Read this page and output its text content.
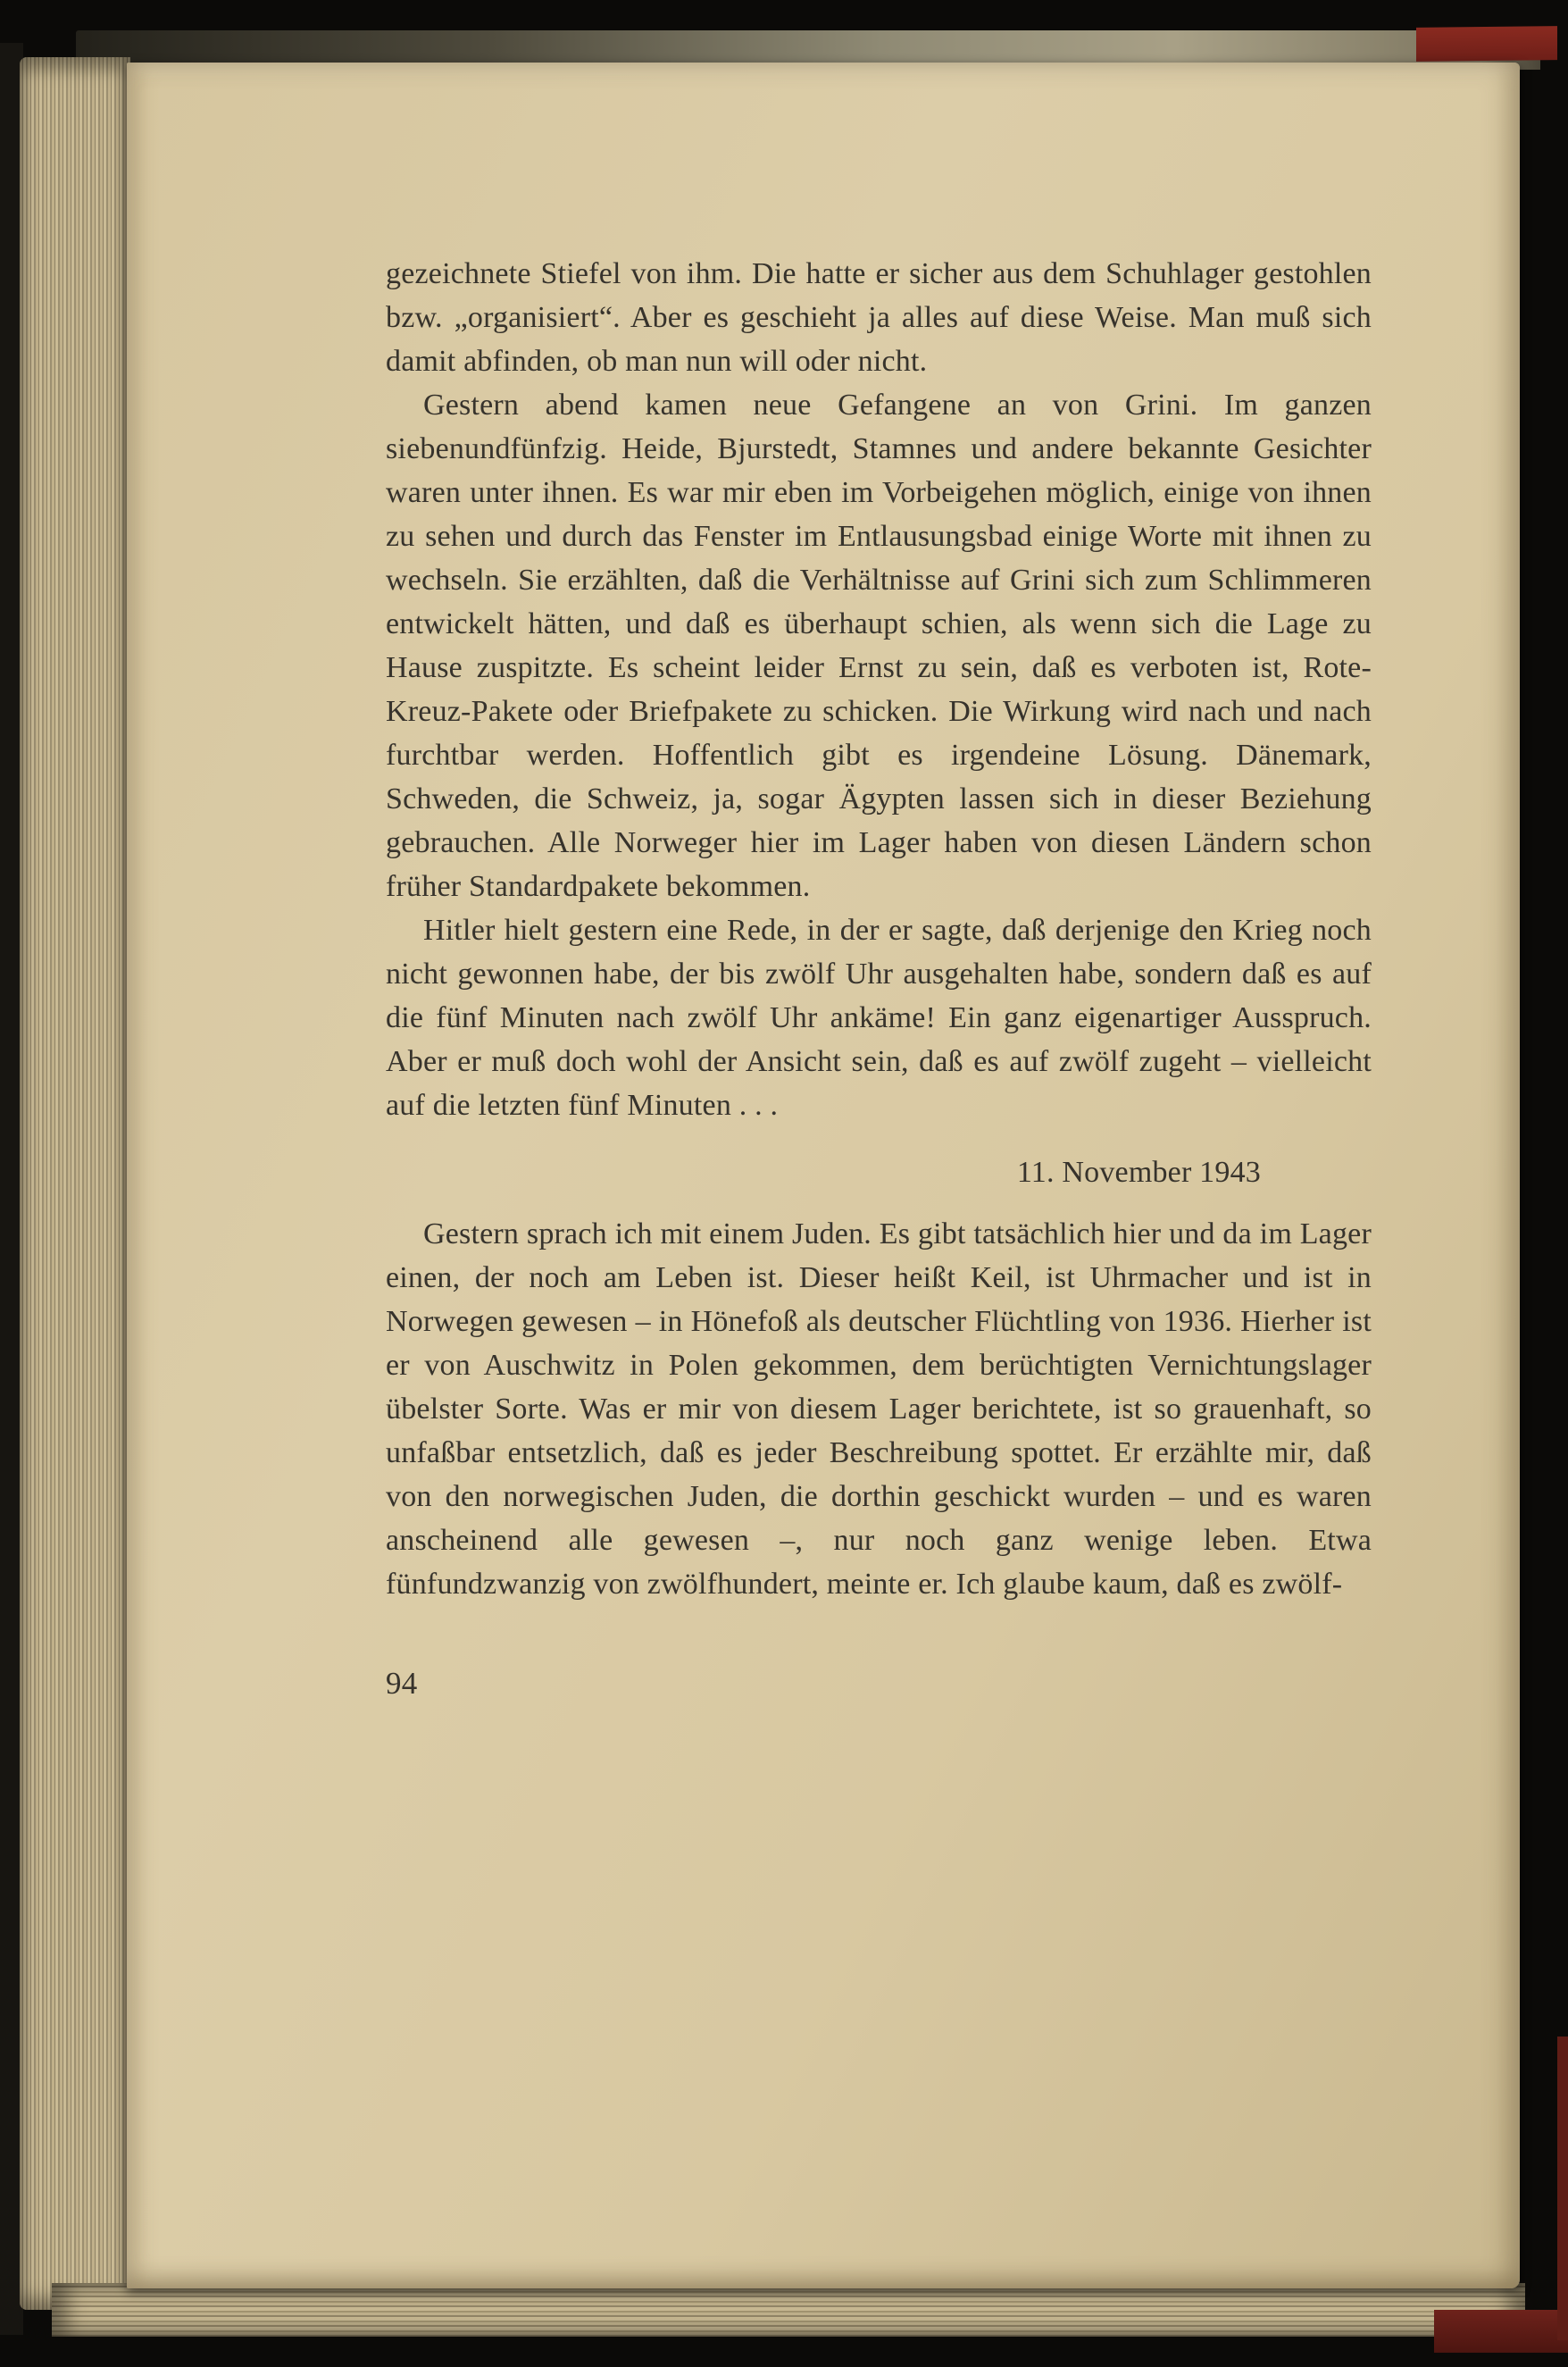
gezeichnete Stiefel von ihm. Die hatte er sicher aus dem Schuhlager gestohlen bzw. „organisiert“. Aber es geschieht ja alles auf diese Weise. Man muß sich damit abfinden, ob man nun will oder nicht.

Gestern abend kamen neue Gefangene an von Grini. Im ganzen siebenundfünfzig. Heide, Bjurstedt, Stamnes und andere bekannte Gesichter waren unter ihnen. Es war mir eben im Vorbeigehen möglich, einige von ihnen zu sehen und durch das Fenster im Entlausungsbad einige Worte mit ihnen zu wechseln. Sie erzählten, daß die Verhältnisse auf Grini sich zum Schlimmeren entwickelt hätten, und daß es überhaupt schien, als wenn sich die Lage zu Hause zuspitzte. Es scheint leider Ernst zu sein, daß es verboten ist, Rote-Kreuz-Pakete oder Briefpakete zu schicken. Die Wirkung wird nach und nach furchtbar werden. Hoffentlich gibt es irgendeine Lösung. Dänemark, Schweden, die Schweiz, ja, sogar Ägypten lassen sich in dieser Beziehung gebrauchen. Alle Norweger hier im Lager haben von diesen Ländern schon früher Standardpakete bekommen.

Hitler hielt gestern eine Rede, in der er sagte, daß derjenige den Krieg noch nicht gewonnen habe, der bis zwölf Uhr ausgehalten habe, sondern daß es auf die fünf Minuten nach zwölf Uhr ankäme! Ein ganz eigenartiger Ausspruch. Aber er muß doch wohl der Ansicht sein, daß es auf zwölf zugeht – vielleicht auf die letzten fünf Minuten . . .

11. November 1943

Gestern sprach ich mit einem Juden. Es gibt tatsächlich hier und da im Lager einen, der noch am Leben ist. Dieser heißt Keil, ist Uhrmacher und ist in Norwegen gewesen – in Hönefoß als deutscher Flüchtling von 1936. Hierher ist er von Auschwitz in Polen gekommen, dem berüchtigten Vernichtungslager übelster Sorte. Was er mir von diesem Lager berichtete, ist so grauenhaft, so unfaßbar entsetzlich, daß es jeder Beschreibung spottet. Er erzählte mir, daß von den norwegischen Juden, die dorthin geschickt wurden – und es waren anscheinend alle gewesen –, nur noch ganz wenige leben. Etwa fünfundzwanzig von zwölfhundert, meinte er. Ich glaube kaum, daß es zwölf-

94
